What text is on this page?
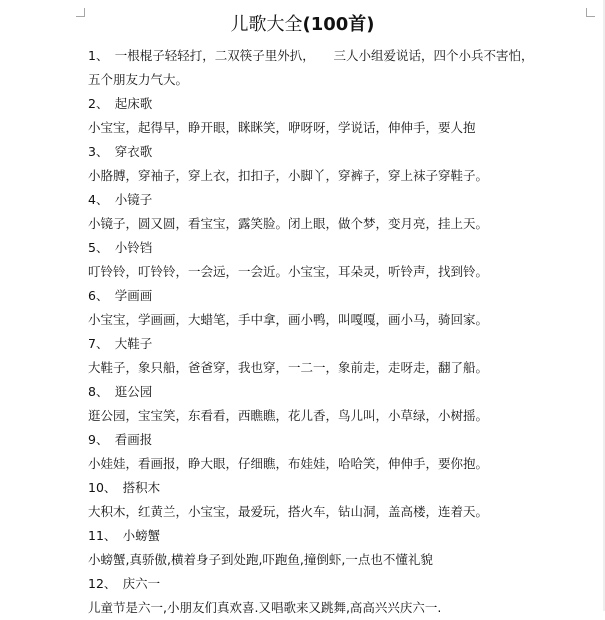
儿歌大全(100首)
1、　 一根棍子轻轻打，二双筷子里外扒，　　三人小组爱说话，四个小兵不害怕，
五个朋友力气大。
2、　 起床歌
小宝宝，起得早，睁开眼，眯眯笑，咿呀呀，学说话，伸伸手，要人抱
3、　 穿衣歌
小胳膊，穿袖子，穿上衣，扣扣子，小脚丫，穿裤子，穿上袜子穿鞋子。
4、　 小镜子
小镜子，圆又圆，看宝宝，露笑脸。闭上眼，做个梦，变月亮，挂上天。
5、　 小铃铛
叮铃铃，叮铃铃，一会远，一会近。小宝宝，耳朵灵，听铃声，找到铃。
6、　 学画画
小宝宝，学画画，大蜡笔，手中拿，画小鸭，叫嘎嘎，画小马，骑回家。
7、　 大鞋子
大鞋子，象只船，爸爸穿，我也穿，一二一，象前走，走呀走，翻了船。
8、　 逛公园
逛公园，宝宝笑，东看看，西瞧瞧，花儿香，鸟儿叫，小草绿，小树摇。
9、　 看画报
小娃娃，看画报，睁大眼，仔细瞧，布娃娃，哈哈笑，伸伸手，要你抱。
10、　 搭积木
大积木，红黄兰，小宝宝，最爱玩，搭火车，钻山洞，盖高楼，连着天。
11、　 小螃蟹
小螃蟹,真骄傲,横着身子到处跑,吓跑鱼,撞倒虾,一点也不懂礼貌
12、　 庆六一
儿童节是六一,小朋友们真欢喜.又唱歌来又跳舞,高高兴兴庆六一.
